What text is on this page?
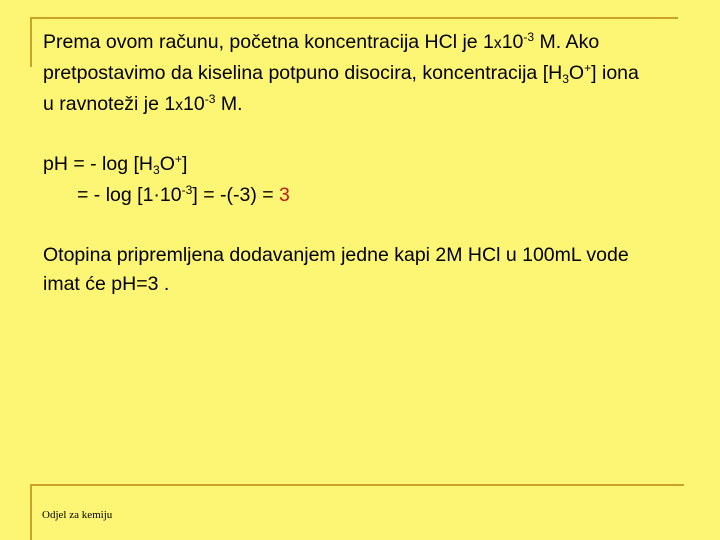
Prema ovom računu, početna koncentracija HCl je $1x10^{-3}$ M. Ako
pretpostavimo da kiselina potpuno disocira, koncentracija $[H_3O^+]$ iona
u ravnoteži je $1x10^{-3}$ M.

pH = - $\log [H_3O^+]$
= - $\log [1\cdot 10^{-3}] = -(-3) = 3$

Otopina pripremljena dodavanjem jedne kapi 2M HCl u 100mL vode
imat će pH=3 .

Odjel za kemiju
